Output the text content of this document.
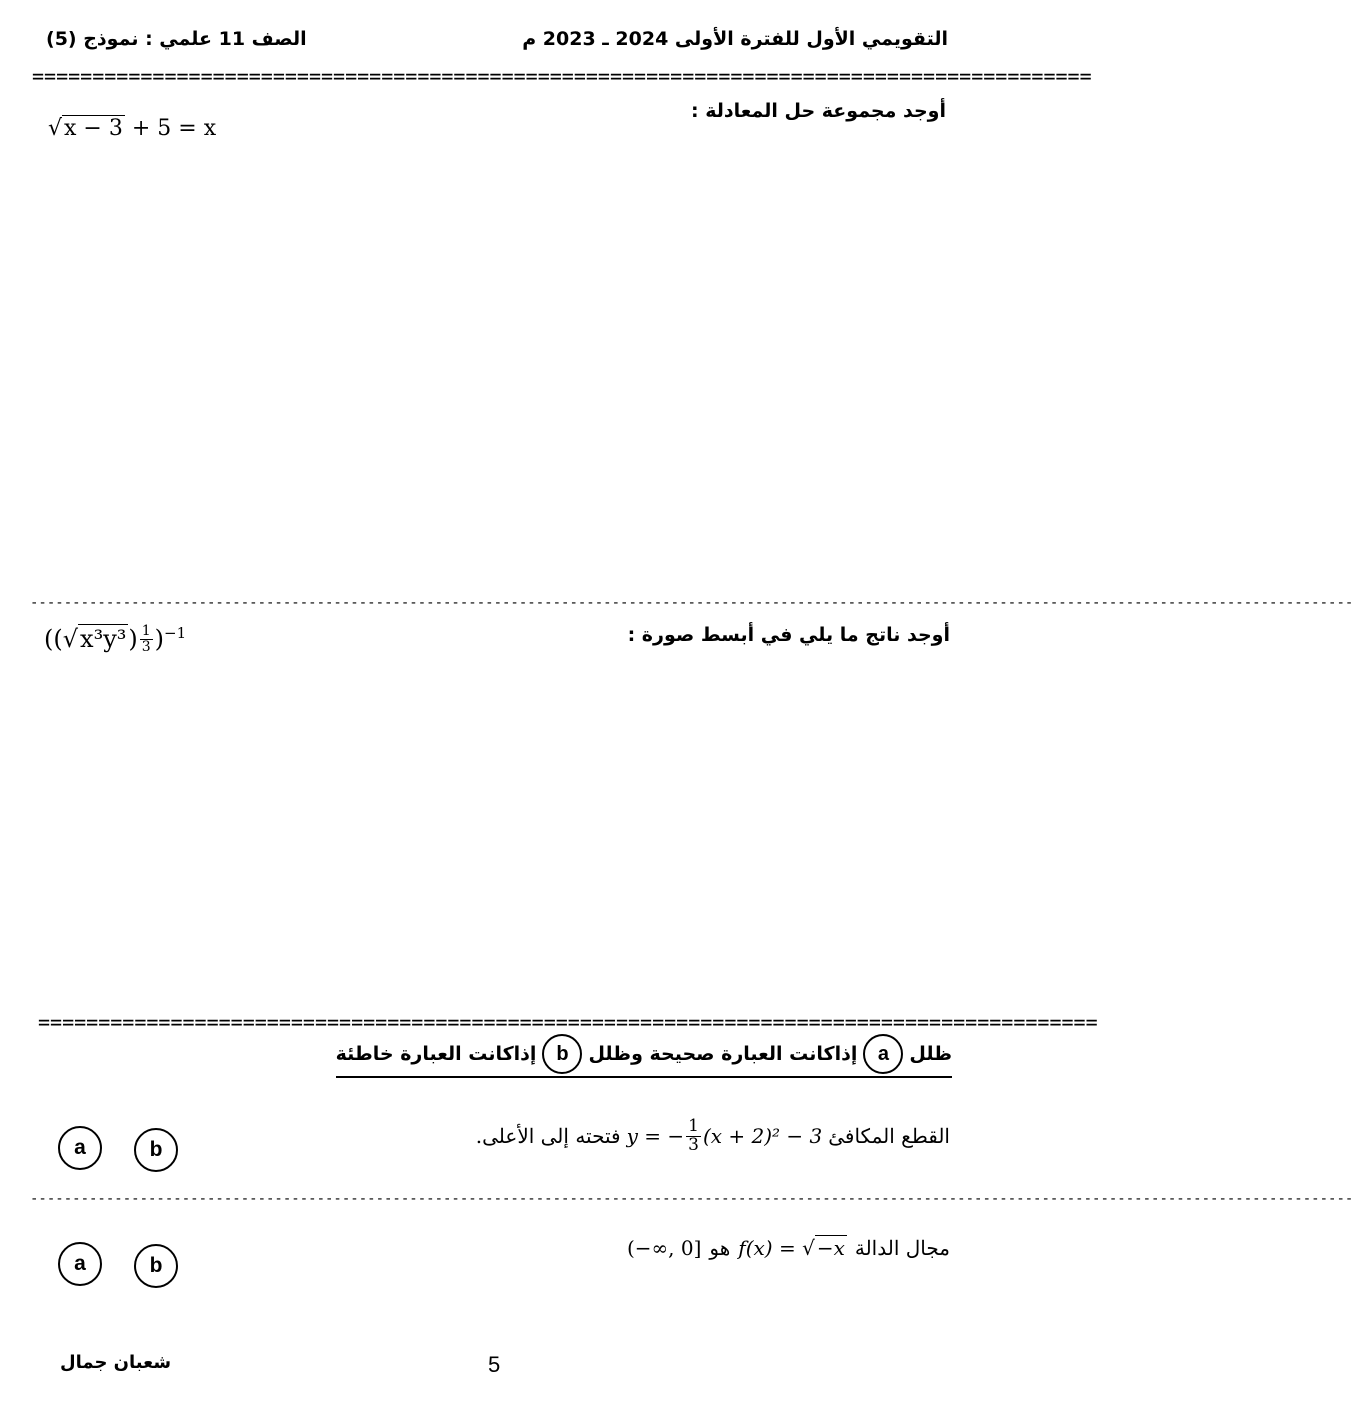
التقويمي الأول للفترة الأولى 2024 ـ 2023 م
الصف 11 علمي : نموذج (5)
========================================================================================
أوجد مجموعة حل المعادلة :
√x − 3 + 5 = x
-------------------------------------------------------------------------------------------------------------------------------------------------------------
أوجد ناتج ما يلي في أبسط صورة :
$((√x^3y^3) \frac{1}{3} )^{-1}$
========================================================================================
ظلل
a
إذاكانت العبارة صحيحة وظلل
b
إذاكانت العبارة خاطئة
القطع المكافئ
y = − $\frac{1}{3} (x + 2)^2 - 3$
فتحته إلى الأعلى.
a	b
-------------------------------------------------------------------------------------------------------------------------------------------------------------
مجال الدالة
f(x) = √ −x
هو
(−∞, 0]
a	b
شعبان جمال	5
